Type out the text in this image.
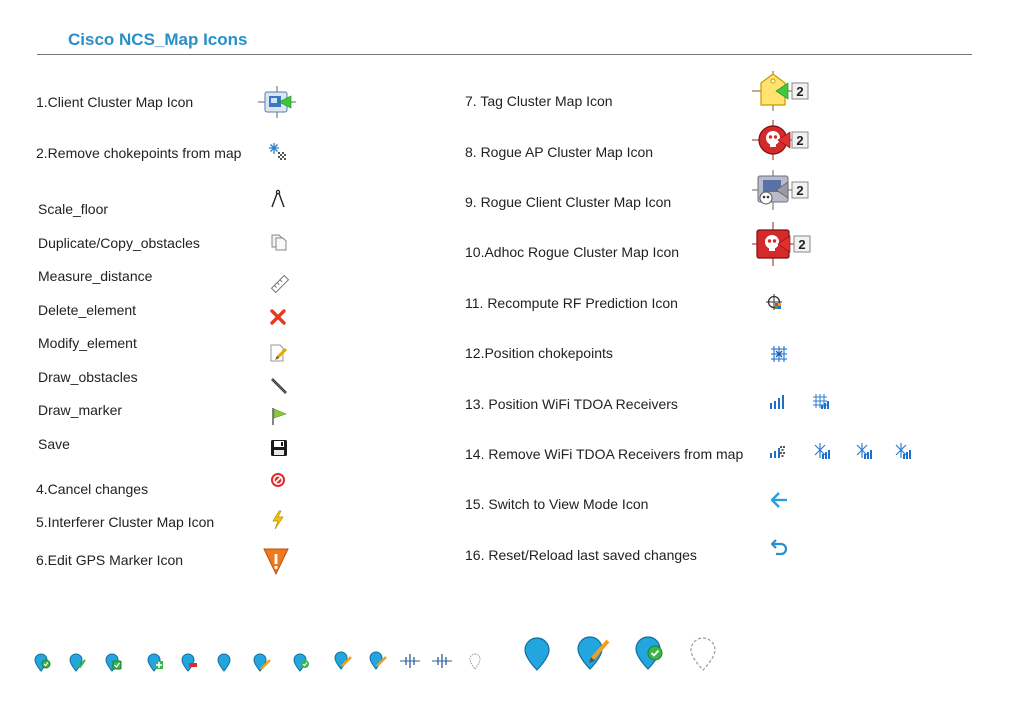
Cisco NCS_Map Icons
1.Client Cluster Map Icon
2.Remove chokepoints from map
Scale_floor
Duplicate/Copy_obstacles
Measure_distance
Delete_element
Modify_element
Draw_obstacles
Draw_marker
Save
4.Cancel changes
5.Interferer Cluster Map Icon
6.Edit GPS Marker Icon
7. Tag Cluster Map Icon
8. Rogue AP Cluster Map Icon
9. Rogue Client Cluster Map Icon
10.Adhoc Rogue Cluster Map Icon
11. Recompute RF Prediction Icon
12.Position chokepoints
13. Position WiFi TDOA Receivers
14. Remove WiFi TDOA Receivers from map
15. Switch to View Mode Icon
16. Reset/Reload last saved changes
2
2
2
2
